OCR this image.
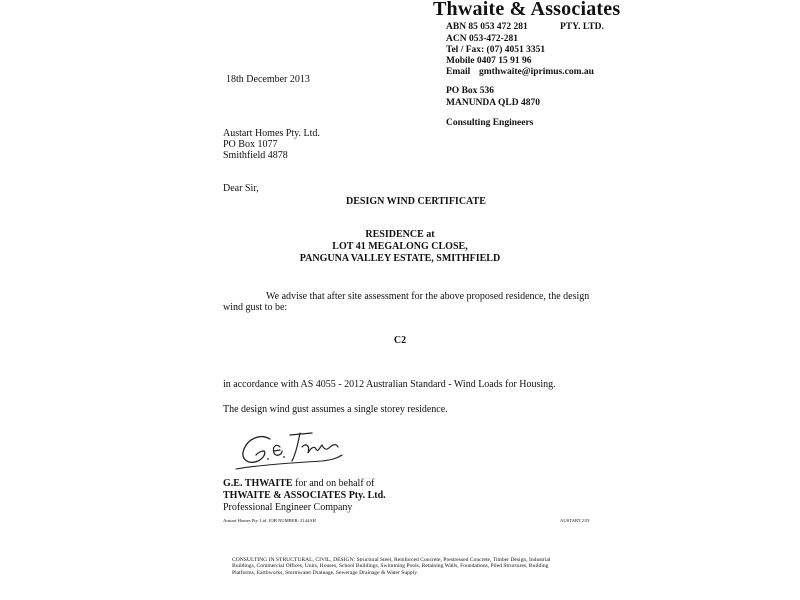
Thwaite & Associates
ABN 85 053 472 281	PTY. LTD.
ACN 053-472-281
Tel / Fax: (07) 4051 3351
Mobile 0407 15 91 96
Email gmthwaite@iprimus.com.au
PO Box 536
MANUNDA QLD 4870
Consulting Engineers
18th December 2013
Austart Homes Pty. Ltd.
PO Box 1077
Smithfield 4878
Dear Sir,
DESIGN WIND CERTIFICATE
RESIDENCE at
LOT 41 MEGALONG CLOSE,
PANGUNA VALLEY ESTATE, SMITHFIELD
We advise that after site assessment for the above proposed residence, the design
wind gust to be:
C2
in accordance with AS 4055 - 2012 Australian Standard - Wind Loads for Housing.
The design wind gust assumes a single storey residence.
G.E. THWAITE for and on behalf of
THWAITE & ASSOCIATES Pty. Ltd.
Professional Engineer Company
Austart Homes Pty. Ltd. JOB NUMBER: 2144AH	AUSTART 21N
CONSULTING IN STRUCTURAL, CIVIL, DESIGN: Structural Steel, Reinforced Concrete, Prestressed Concrete, Timber Design, Industrial Buildings, Commercial Offices, Units, Houses, School Buildings, Swimming Pools, Retaining Walls, Foundations, Piled Structures, Building Platforms, Earthworks, Stormwater Drainage, Sewerage Drainage & Water Supply.
